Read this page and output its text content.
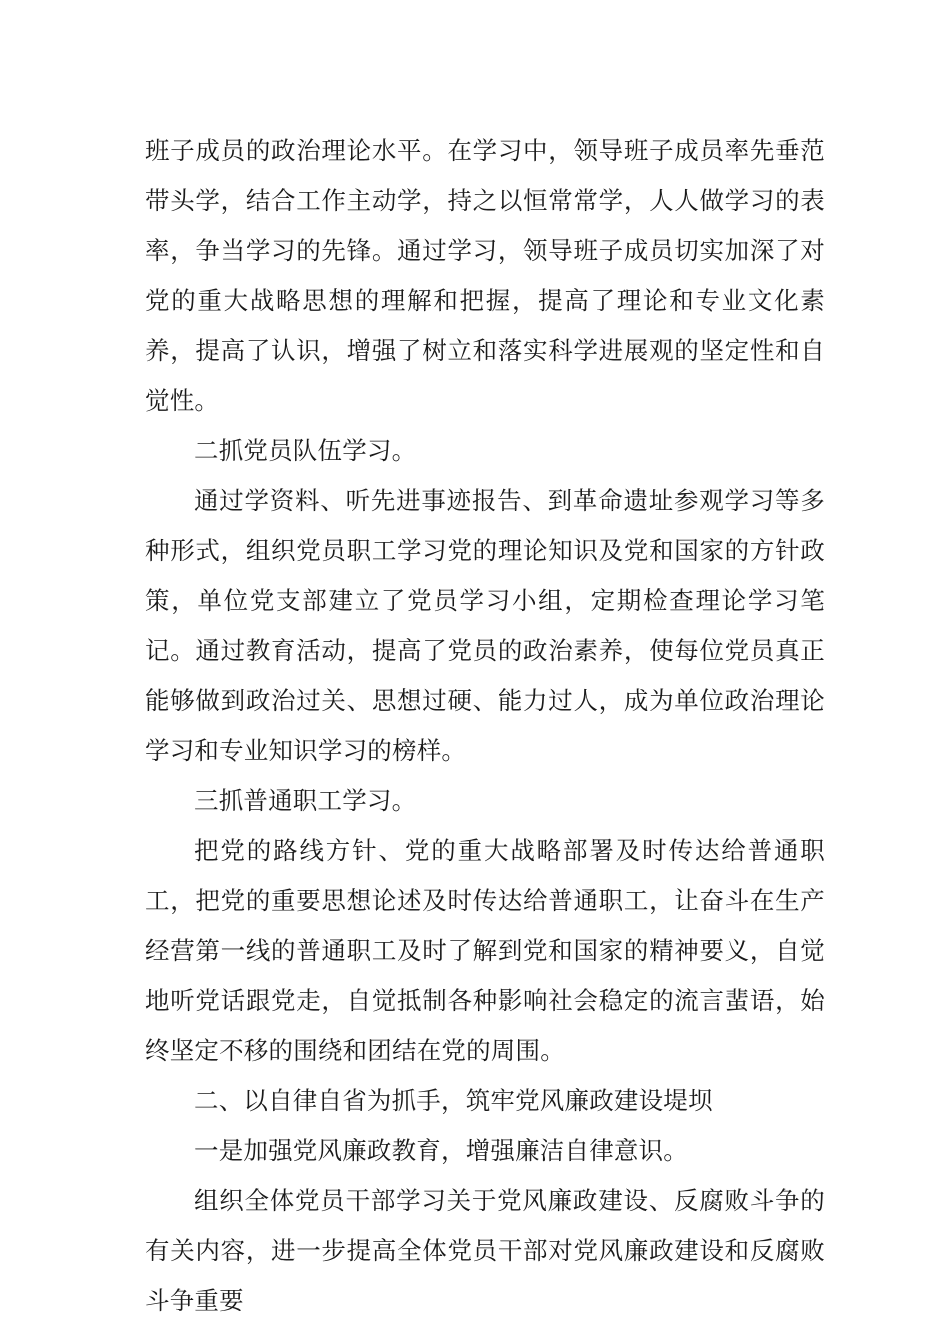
班子成员的政治理论水平。在学习中，领导班子成员率先垂范带头学，结合工作主动学，持之以恒常常学，人人做学习的表率，争当学习的先锋。通过学习，领导班子成员切实加深了对党的重大战略思想的理解和把握，提高了理论和专业文化素养，提高了认识，增强了树立和落实科学进展观的坚定性和自觉性。

二抓党员队伍学习。

通过学资料、听先进事迹报告、到革命遗址参观学习等多种形式，组织党员职工学习党的理论知识及党和国家的方针政策，单位党支部建立了党员学习小组，定期检查理论学习笔记。通过教育活动，提高了党员的政治素养，使每位党员真正能够做到政治过关、思想过硬、能力过人，成为单位政治理论学习和专业知识学习的榜样。

三抓普通职工学习。

把党的路线方针、党的重大战略部署及时传达给普通职工，把党的重要思想论述及时传达给普通职工，让奋斗在生产经营第一线的普通职工及时了解到党和国家的精神要义，自觉地听党话跟党走，自觉抵制各种影响社会稳定的流言蜚语，始终坚定不移的围绕和团结在党的周围。

二、以自律自省为抓手，筑牢党风廉政建设堤坝

一是加强党风廉政教育，增强廉洁自律意识。

组织全体党员干部学习关于党风廉政建设、反腐败斗争的有关内容，进一步提高全体党员干部对党风廉政建设和反腐败斗争重要
